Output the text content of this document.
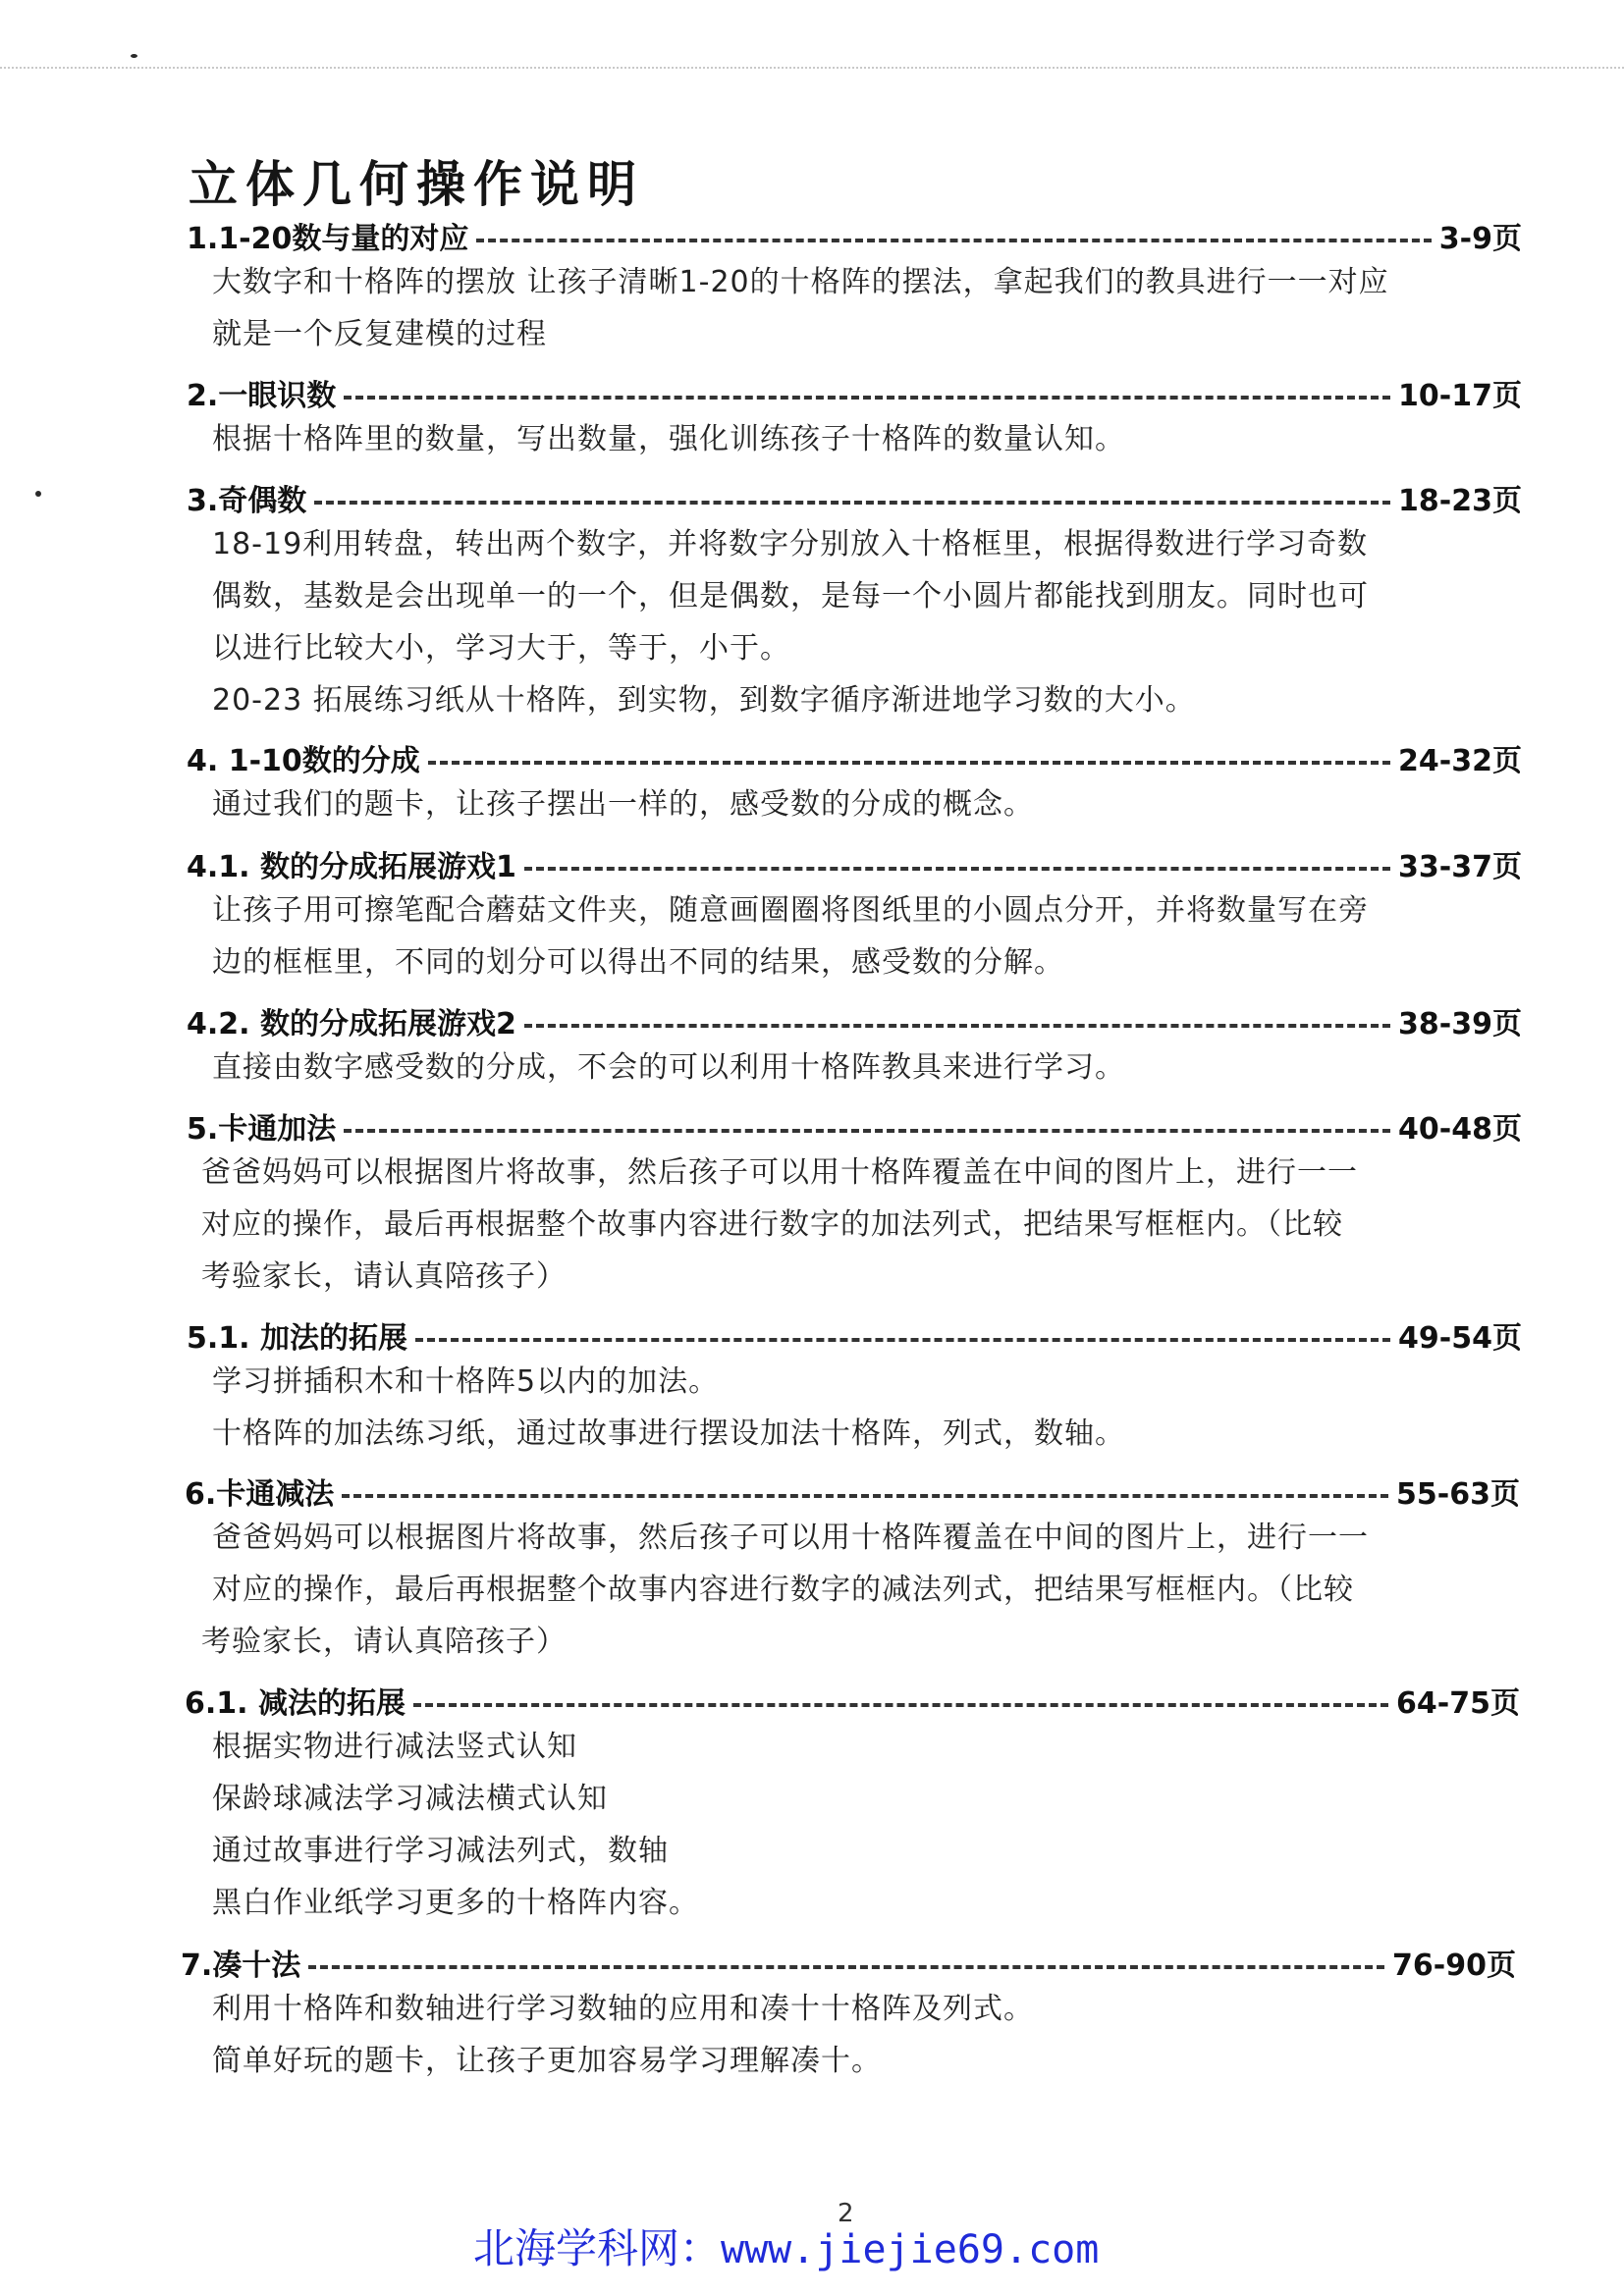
立体几何操作说明
1.1-20数与量的对应	3-9页
大数字和十格阵的摆放 让孩子清晰1-20的十格阵的摆法，拿起我们的教具进行一一对应
就是一个反复建模的过程
2.一眼识数	10-17页
根据十格阵里的数量，写出数量，强化训练孩子十格阵的数量认知。
3.奇偶数	18-23页
18-19利用转盘，转出两个数字，并将数字分别放入十格框里，根据得数进行学习奇数
偶数，基数是会出现单一的一个，但是偶数，是每一个小圆片都能找到朋友。同时也可
以进行比较大小，学习大于，等于，小于。
20-23 拓展练习纸从十格阵，到实物，到数字循序渐进地学习数的大小。
4. 1-10数的分成	24-32页
通过我们的题卡，让孩子摆出一样的，感受数的分成的概念。
4.1. 数的分成拓展游戏1	33-37页
让孩子用可擦笔配合蘑菇文件夹，随意画圈圈将图纸里的小圆点分开，并将数量写在旁
边的框框里，不同的划分可以得出不同的结果，感受数的分解。
4.2. 数的分成拓展游戏2	38-39页
直接由数字感受数的分成，不会的可以利用十格阵教具来进行学习。
5.卡通加法	40-48页
爸爸妈妈可以根据图片将故事，然后孩子可以用十格阵覆盖在中间的图片上，进行一一
对应的操作，最后再根据整个故事内容进行数字的加法列式，把结果写框框内。（比较
考验家长，请认真陪孩子）
5.1. 加法的拓展	49-54页
学习拼插积木和十格阵5以内的加法。
十格阵的加法练习纸，通过故事进行摆设加法十格阵，列式，数轴。
6.卡通减法	55-63页
爸爸妈妈可以根据图片将故事，然后孩子可以用十格阵覆盖在中间的图片上，进行一一
对应的操作，最后再根据整个故事内容进行数字的减法列式，把结果写框框内。（比较
考验家长，请认真陪孩子）
6.1. 减法的拓展	64-75页
根据实物进行减法竖式认知
保龄球减法学习减法横式认知
通过故事进行学习减法列式，数轴
黑白作业纸学习更多的十格阵内容。
7.凑十法	76-90页
利用十格阵和数轴进行学习数轴的应用和凑十十格阵及列式。
简单好玩的题卡，让孩子更加容易学习理解凑十。
2
北海学科网：www.jiejie69.com
